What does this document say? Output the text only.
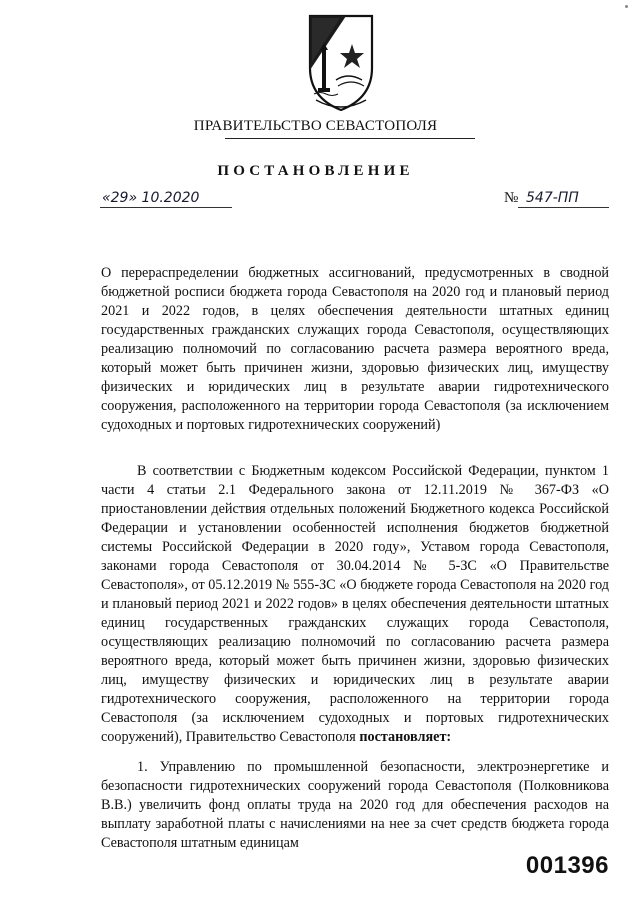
ПРАВИТЕЛЬСТВО СЕВАСТОПОЛЯ
ПОСТАНОВЛЕНИЕ
«29» 10.2020	№ 547-ПП

О перераспределении бюджетных ассигнований, предусмотренных в сводной бюджетной росписи бюджета города Севастополя на 2020 год и плановый период 2021 и 2022 годов, в целях обеспечения деятельности штатных единиц государственных гражданских служащих города Севастополя, осуществляющих реализацию полномочий по согласованию расчета размера вероятного вреда, который может быть причинен жизни, здоровью физических лиц, имуществу физических и юридических лиц в результате аварии гидротехнического сооружения, расположенного на территории города Севастополя (за исключением судоходных и портовых гидротехнических сооружений)

В соответствии с Бюджетным кодексом Российской Федерации, пунктом 1 части 4 статьи 2.1 Федерального закона от 12.11.2019 № 367-ФЗ «О приостановлении действия отдельных положений Бюджетного кодекса Российской Федерации и установлении особенностей исполнения бюджетов бюджетной системы Российской Федерации в 2020 году», Уставом города Севастополя, законами города Севастополя от 30.04.2014 № 5-ЗС «О Правительстве Севастополя», от 05.12.2019 № 555-ЗС «О бюджете города Севастополя на 2020 год и плановый период 2021 и 2022 годов» в целях обеспечения деятельности штатных единиц государственных гражданских служащих города Севастополя, осуществляющих реализацию полномочий по согласованию расчета размера вероятного вреда, который может быть причинен жизни, здоровью физических лиц, имуществу физических и юридических лиц в результате аварии гидротехнического сооружения, расположенного на территории города Севастополя (за исключением судоходных и портовых гидротехнических сооружений), Правительство Севастополя постановляет:

1. Управлению по промышленной безопасности, электроэнергетике и безопасности гидротехнических сооружений города Севастополя (Полковникова В.В.) увеличить фонд оплаты труда на 2020 год для обеспечения расходов на выплату заработной платы с начислениями на нее за счет средств бюджета города Севастополя штатным единицам

001396
